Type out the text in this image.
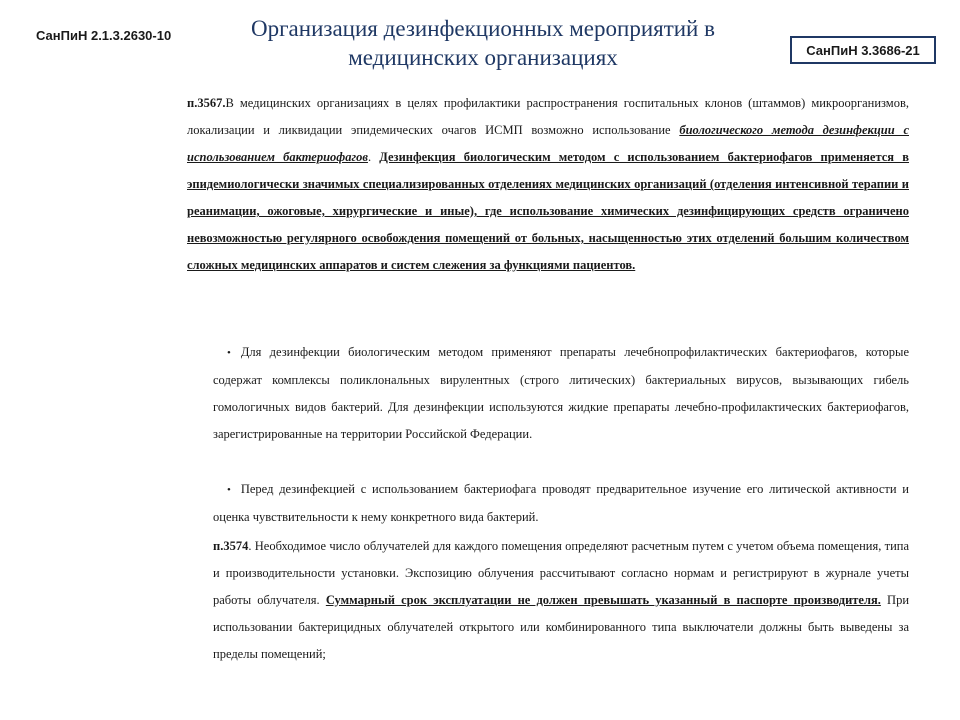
СанПиН 2.1.3.2630-10	Организация дезинфекционных мероприятий в
медицинских организациях	СанПиН 3.3686-21

п.3567.В медицинских организациях в целях профилактики распространения госпитальных клонов (штаммов) микроорганизмов, локализации и ликвидации эпидемических очагов ИСМП возможно использование биологического метода дезинфекции с использованием бактериофагов. Дезинфекция биологическим методом с использованием бактериофагов применяется в эпидемиологически значимых специализированных отделениях медицинских организаций (отделения интенсивной терапии и реанимации, ожоговые, хирургические и иные), где использование химических дезинфицирующих средств ограничено невозможностью регулярного освобождения помещений от больных, насыщенностью этих отделений большим количеством сложных медицинских аппаратов и систем слежения за функциями пациентов.

• Для дезинфекции биологическим методом применяют препараты лечебнопрофилактических бактериофагов, которые содержат комплексы поликлональных вирулентных (строго литических) бактериальных вирусов, вызывающих гибель гомологичных видов бактерий. Для дезинфекции используются жидкие препараты лечебно-профилактических бактериофагов, зарегистрированные на территории Российской Федерации.

• Перед дезинфекцией с использованием бактериофага проводят предварительное изучение его литической активности и оценка чувствительности к нему конкретного вида бактерий.

п.3574. Необходимое число облучателей для каждого помещения определяют расчетным путем с учетом объема помещения, типа и производительности установки. Экспозицию облучения рассчитывают согласно нормам и регистрируют в журнале учеты работы облучателя. Суммарный срок эксплуатации не должен превышать указанный в паспорте производителя. При использовании бактерицидных облучателей открытого или комбинированного типа выключатели должны быть выведены за пределы помещений;
